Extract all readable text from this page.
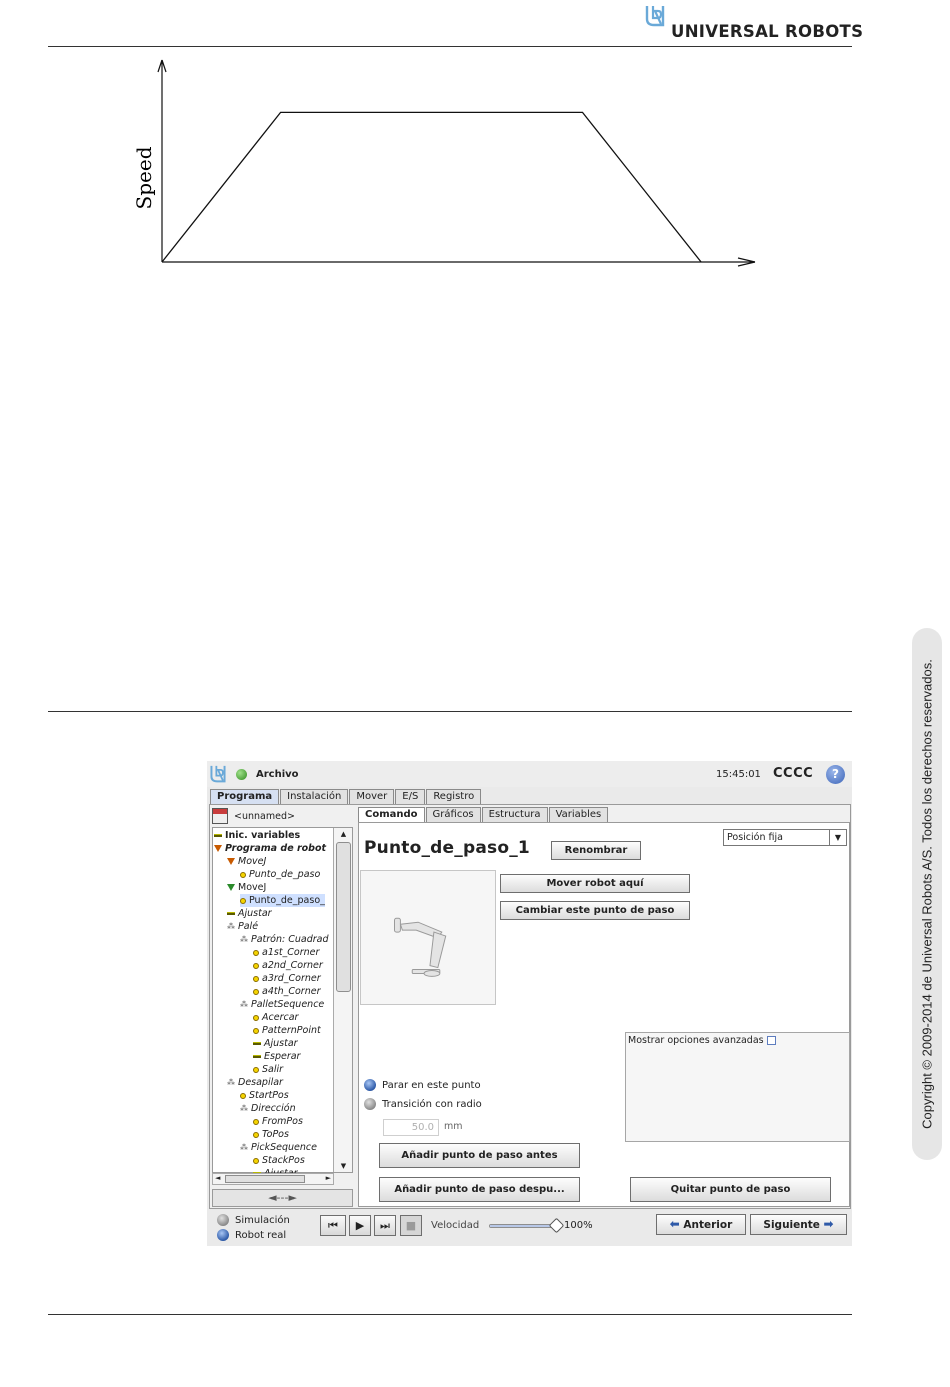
UNIVERSAL ROBOTS
Speed
Copyright © 2009-2014 de Universal Robots A/S. Todos los derechos reservados.
Archivo	15:45:01 CCCC	?
Programa	Instalación	Mover	E/S	Registro
<unnamed>
Inic. variables
Programa de robot
MoveJ
Punto_de_paso
MoveJ
Punto_de_paso_
Ajustar
⁂ Palé
⁂ Patrón: Cuadrad
a1st_Corner
a2nd_Corner
a3rd_Corner
a4th_Corner
⁂ PalletSequence
Acercar
PatternPoint
Ajustar
Esperar
Salir
⁂ Desapilar
StartPos
⁂ Dirección
FromPos
ToPos
⁂ PickSequence
StackPos
▲
▼
◄	►
◄---►
Comando	Gráficos	Estructura	Variables
Punto_de_paso_1	Renombrar
Posición fija	▼
Mover robot aquí
Cambiar este punto de paso
Mostrar opciones avanzadas
Parar en este punto
Transición con radio
50.0	mm
Añadir punto de paso antes
Añadir punto de paso despu...	Quitar punto de paso
Simulación
Robot real
⏮	▶	⏭	■	Velocidad	100%	⬅ Anterior	Siguiente ➡
